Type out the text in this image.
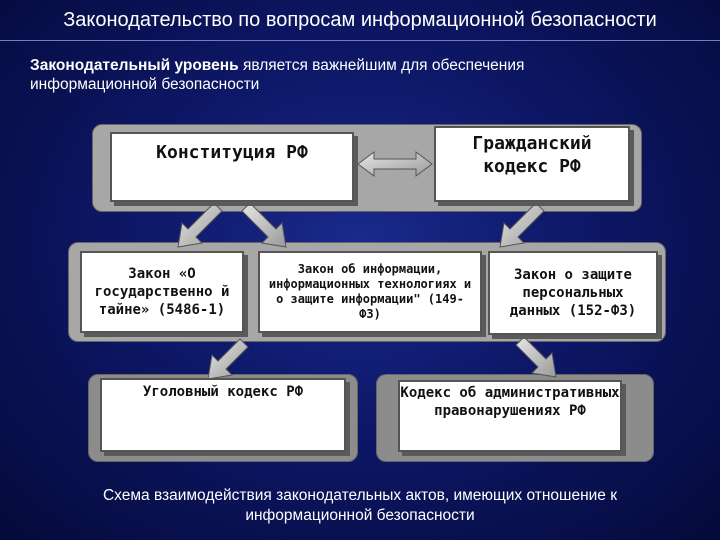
Законодательство по вопросам информационной безопасности
Законодательный уровень является важнейшим для обеспечения информационной безопасности
Конституция РФ	Гражданский кодекс РФ
Закон «О государственно й тайне» (5486-1)
Закон об информации, информационных технологиях и о защите информации" (149-ФЗ)
Закон о защите персональных данных (152-ФЗ)
Уголовный кодекс РФ	Кодекс об административных правонарушениях РФ
Схема взаимодействия законодательных актов, имеющих отношение к информационной безопасности
